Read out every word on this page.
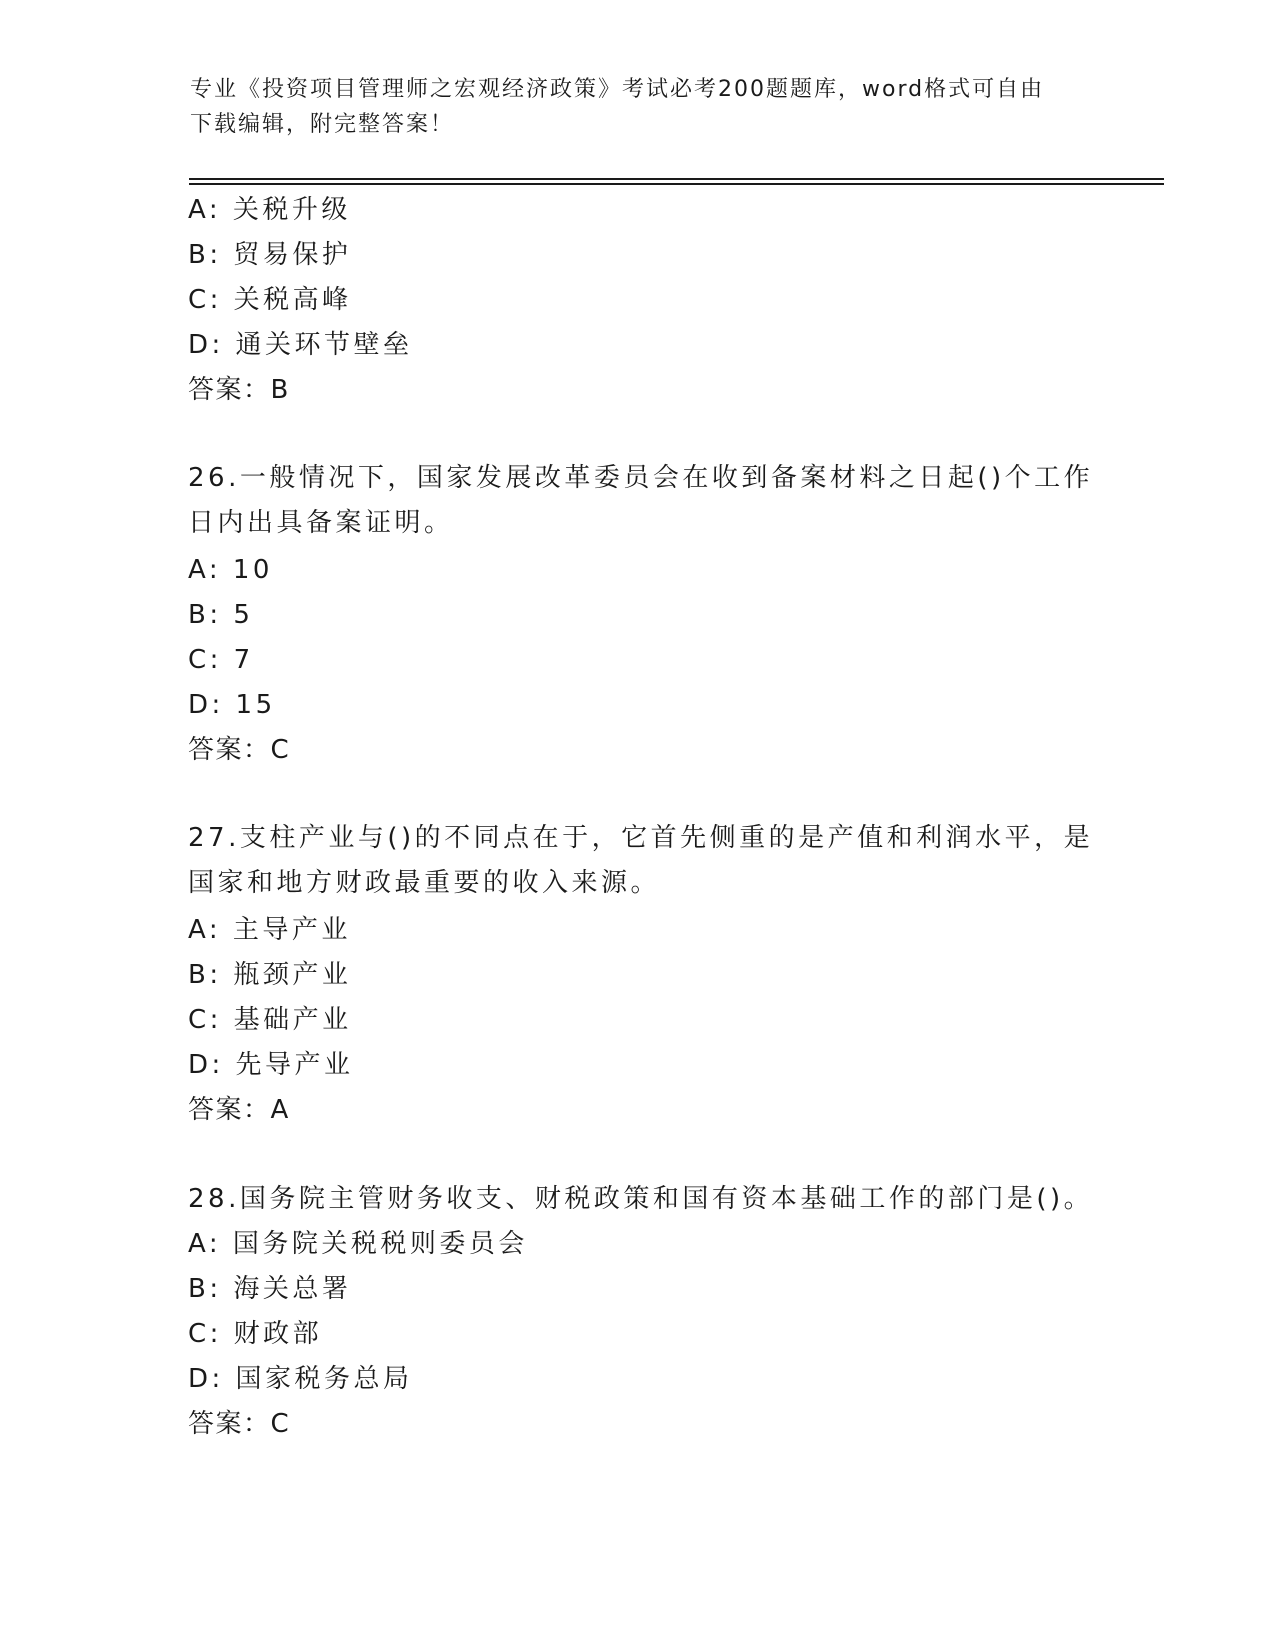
专业《投资项目管理师之宏观经济政策》考试必考200题题库，word格式可自由
下载编辑，附完整答案！
A: 关税升级
B: 贸易保护
C: 关税高峰
D: 通关环节壁垒
答案：B
26.一般情况下，国家发展改革委员会在收到备案材料之日起()个工作
日内出具备案证明。
A: 10
B: 5
C: 7
D: 15
答案：C
27.支柱产业与()的不同点在于，它首先侧重的是产值和利润水平，是
国家和地方财政最重要的收入来源。
A: 主导产业
B: 瓶颈产业
C: 基础产业
D: 先导产业
答案：A
28.国务院主管财务收支、财税政策和国有资本基础工作的部门是()。
A: 国务院关税税则委员会
B: 海关总署
C: 财政部
D: 国家税务总局
答案：C
